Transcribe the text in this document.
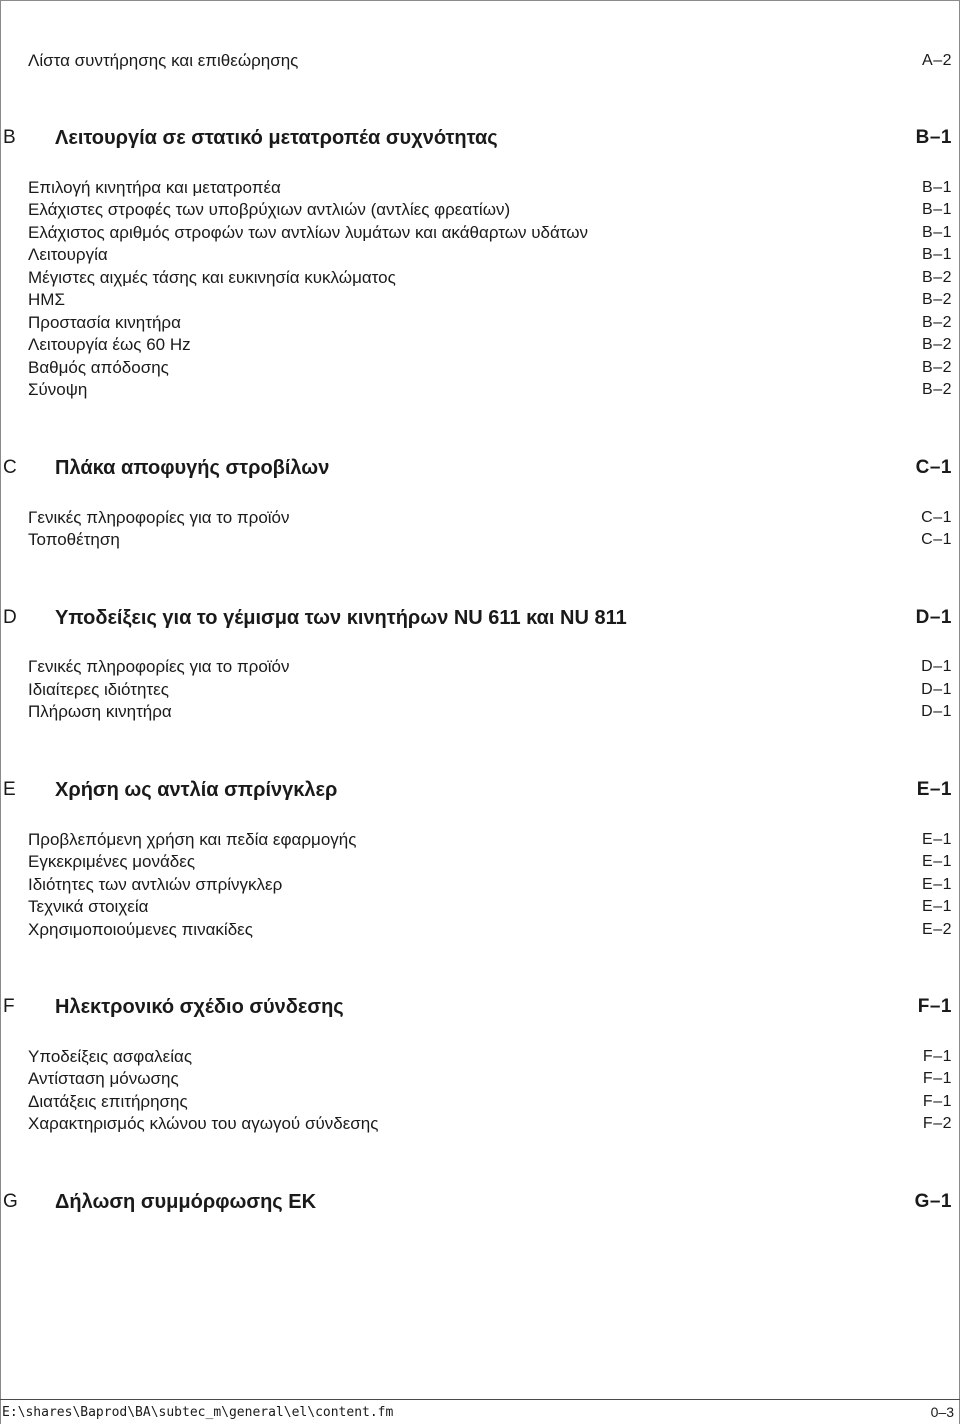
Λίστα συντήρησης και επιθεώρησης	A–2
B	Λειτουργία σε στατικό μετατροπέα συχνότητας	B–1
Επιλογή κινητήρα και μετατροπέα	B–1
Ελάχιστες στροφές των υποβρύχιων αντλιών (αντλίες φρεατίων)	B–1
Ελάχιστος αριθμός στροφών των αντλίων λυμάτων και ακάθαρτων υδάτων	B–1
Λειτουργία	B–1
Μέγιστες αιχμές τάσης και ευκινησία κυκλώματος	B–2
ΗΜΣ	B–2
Προστασία κινητήρα	B–2
Λειτουργία έως 60 Hz	B–2
Βαθμός απόδοσης	B–2
Σύνοψη	B–2
C	Πλάκα αποφυγής στροβίλων	C–1
Γενικές πληροφορίες για το προϊόν	C–1
Τοποθέτηση	C–1
D	Υποδείξεις για το γέμισμα των κινητήρων NU 611 και NU 811	D–1
Γενικές πληροφορίες για το προϊόν	D–1
Ιδιαίτερες ιδιότητες	D–1
Πλήρωση κινητήρα	D–1
E	Χρήση ως αντλία σπρίνγκλερ	E–1
Προβλεπόμενη χρήση και πεδία εφαρμογής	E–1
Εγκεκριμένες μονάδες	E–1
Ιδιότητες των αντλιών σπρίνγκλερ	E–1
Τεχνικά στοιχεία	E–1
Χρησιμοποιούμενες πινακίδες	E–2
F	Ηλεκτρονικό σχέδιο σύνδεσης	F–1
Υποδείξεις ασφαλείας	F–1
Αντίσταση μόνωσης	F–1
Διατάξεις επιτήρησης	F–1
Χαρακτηρισμός κλώνου του αγωγού σύνδεσης	F–2
G	Δήλωση συμμόρφωσης ΕΚ	G–1
E:\shares\Baprod\BA\subtec_m\general\el\content.fm	0–3
